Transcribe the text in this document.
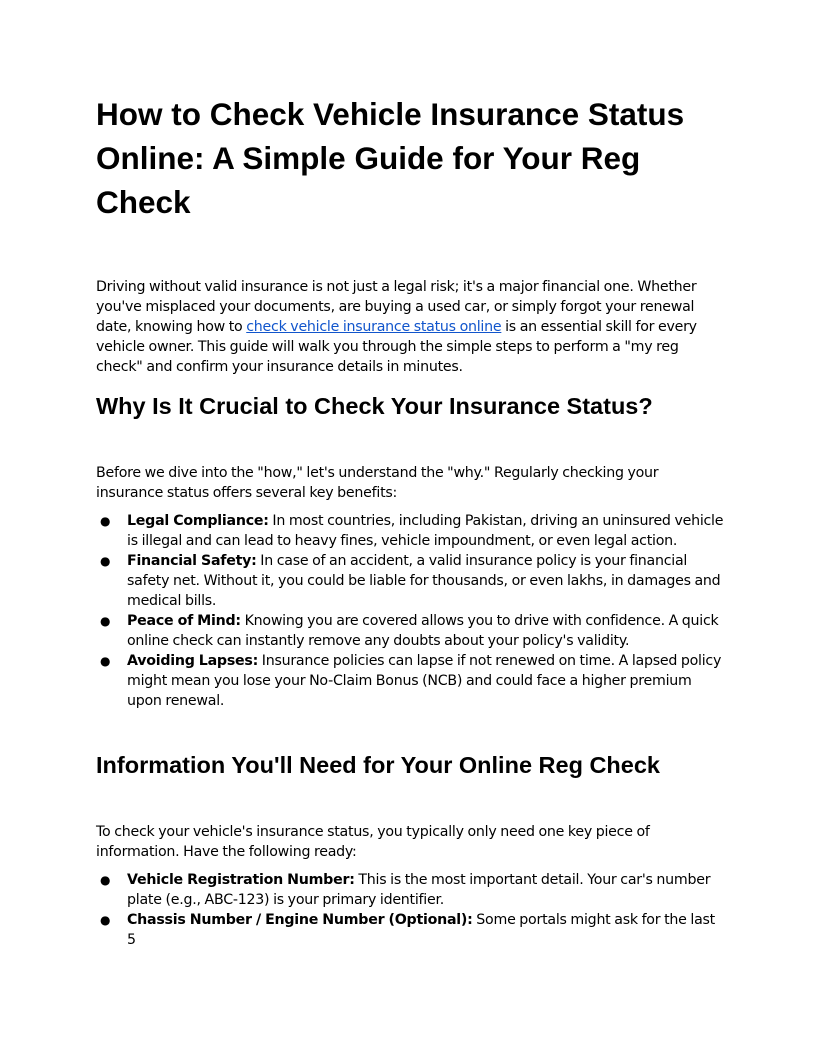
How to Check Vehicle Insurance Status Online: A Simple Guide for Your Reg Check

Driving without valid insurance is not just a legal risk; it's a major financial one. Whether you've misplaced your documents, are buying a used car, or simply forgot your renewal date, knowing how to check vehicle insurance status online is an essential skill for every vehicle owner. This guide will walk you through the simple steps to perform a "my reg check" and confirm your insurance details in minutes.

Why Is It Crucial to Check Your Insurance Status?

Before we dive into the "how," let's understand the "why." Regularly checking your insurance status offers several key benefits:

● Legal Compliance: In most countries, including Pakistan, driving an uninsured vehicle is illegal and can lead to heavy fines, vehicle impoundment, or even legal action.
● Financial Safety: In case of an accident, a valid insurance policy is your financial safety net. Without it, you could be liable for thousands, or even lakhs, in damages and medical bills.
● Peace of Mind: Knowing you are covered allows you to drive with confidence. A quick online check can instantly remove any doubts about your policy's validity.
● Avoiding Lapses: Insurance policies can lapse if not renewed on time. A lapsed policy might mean you lose your No-Claim Bonus (NCB) and could face a higher premium upon renewal.
Information You'll Need for Your Online Reg Check

To check your vehicle's insurance status, you typically only need one key piece of information. Have the following ready:

● Vehicle Registration Number: This is the most important detail. Your car's number plate (e.g., ABC-123) is your primary identifier.
● Chassis Number / Engine Number (Optional): Some portals might ask for the last 5
